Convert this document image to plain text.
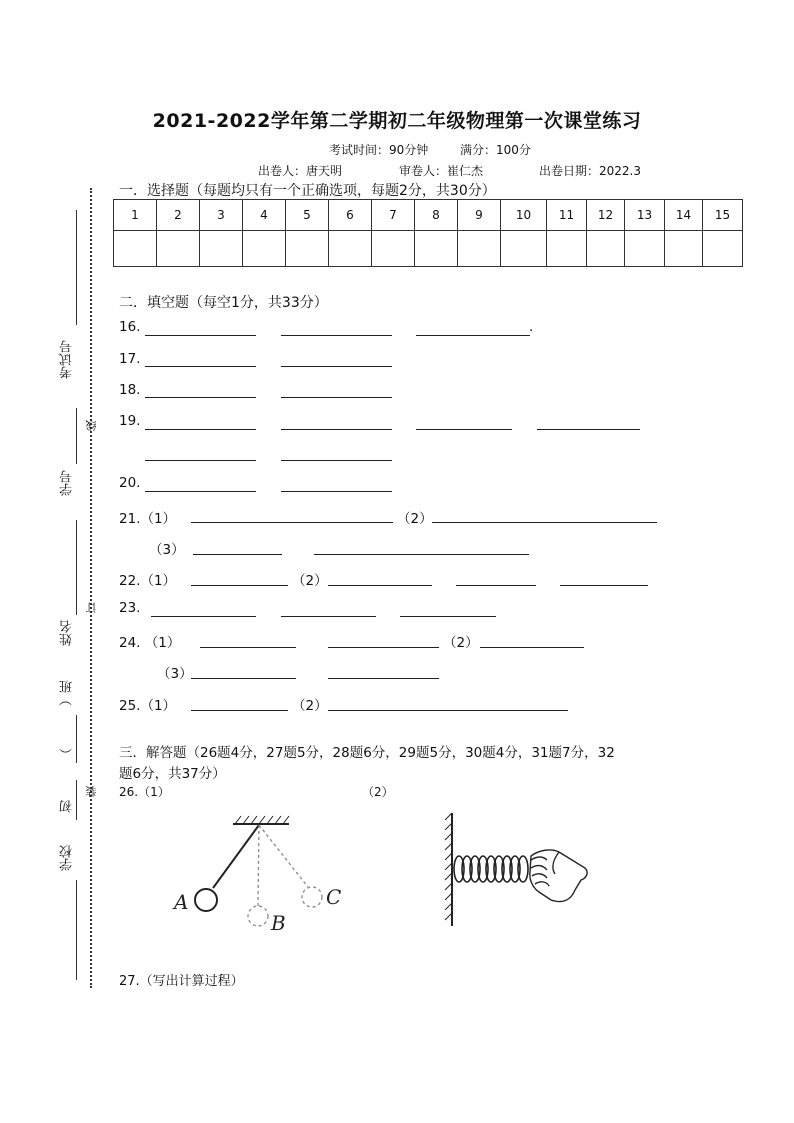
2021-2022学年第二学期初二年级物理第一次课堂练习
考试时间：90分钟	满分：100分
出卷人：唐天明	审卷人：崔仁杰	出卷日期：2022.3
考试号
线
学号
订
姓名
）班
（
装
初
学校
一．选择题（每题均只有一个正确选项，每题2分，共30分）
1	2	3	4	5	6	7	8	9	10	11	12	13	14	15

二．填空题（每空1分，共33分）
16.	.
17.
18.
19.
20.
21.（1）	（2）
（3）
22.（1）	（2）
23.
24. （1）	（2）
（3）
25.（1）	（2）
三．解答题（26题4分，27题5分，28题6分，29题5分，30题4分，31题7分，32
题6分，共37分）
26.（1）	（2）
A
B
C
27.（写出计算过程）
